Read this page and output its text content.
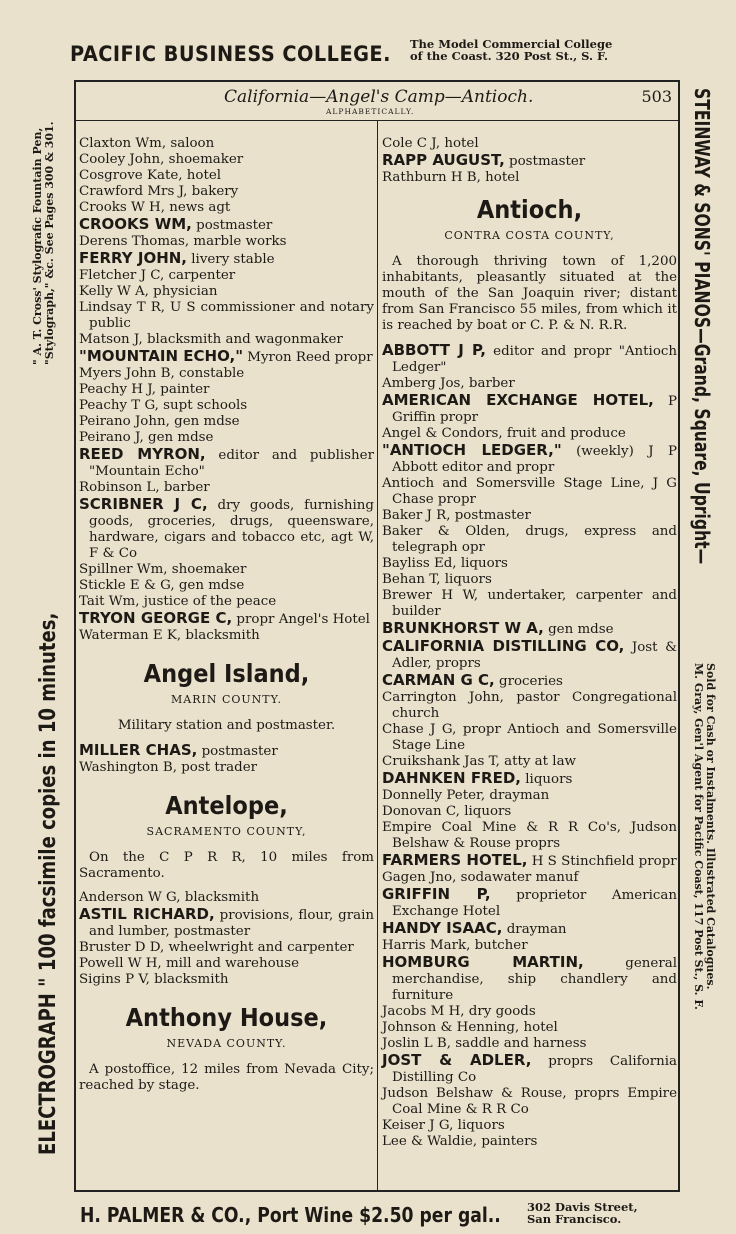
PACIFIC BUSINESS COLLEGE. The Model Commercial College
of the Coast. 320 Post St., S. F.
ELECTROGRAPH " 100 facsimile copies in 10 minutes,
" A. T. Cross' Stylografic Fountain Pen, "Stylograph," &c. See Pages 300 & 301.	STEINWAY & SONS' PIANOS—Grand, Square, Upright—
Sold for Cash or Instalments. Illustrated Catalogues.
M. Gray, Gen'l Agent for Pacific Coast, 117 Post St., S. F.
California—Angel's Camp—Antioch.	503
ALPHABETICALLY.
Claxton Wm, saloon
Cooley John, shoemaker
Cosgrove Kate, hotel
Crawford Mrs J, bakery
Crooks W H, news agt
CROOKS WM, postmaster
Derens Thomas, marble works
FERRY JOHN, livery stable
Fletcher J C, carpenter
Kelly W A, physician
Lindsay T R, U S commissioner and notary public
Matson J, blacksmith and wagonmaker
"MOUNTAIN ECHO," Myron Reed propr
Myers John B, constable
Peachy H J, painter
Peachy T G, supt schools
Peirano John, gen mdse
Peirano J, gen mdse
REED MYRON, editor and publisher "Mountain Echo"
Robinson L, barber
SCRIBNER J C, dry goods, furnishing goods, groceries, drugs, queensware, hardware, cigars and tobacco etc, agt W, F & Co
Spillner Wm, shoemaker
Stickle E & G, gen mdse
Tait Wm, justice of the peace
TRYON GEORGE C, propr Angel's Hotel
Waterman E K, blacksmith
Angel Island,
MARIN COUNTY.
Military station and postmaster.
MILLER CHAS, postmaster
Washington B, post trader
Antelope,
SACRAMENTO COUNTY,
On the C P R R, 10 miles from Sacramento.
Anderson W G, blacksmith
ASTIL RICHARD, provisions, flour, grain and lumber, postmaster
Bruster D D, wheelwright and carpenter
Powell W H, mill and warehouse
Sigins P V, blacksmith
Anthony House,
NEVADA COUNTY.
A postoffice, 12 miles from Nevada City; reached by stage.
Cole C J, hotel
RAPP AUGUST, postmaster
Rathburn H B, hotel
Antioch,
CONTRA COSTA COUNTY,
A thorough thriving town of 1,200 inhabitants, pleasantly situated at the mouth of the San Joaquin river; distant from San Francisco 55 miles, from which it is reached by boat or C. P. & N. R.R.
ABBOTT J P, editor and propr "Antioch Ledger"
Amberg Jos, barber
AMERICAN EXCHANGE HOTEL, P Griffin propr
Angel & Condors, fruit and produce
"ANTIOCH LEDGER," (weekly) J P Abbott editor and propr
Antioch and Somersville Stage Line, J G Chase propr
Baker J R, postmaster
Baker & Olden, drugs, express and telegraph opr
Bayliss Ed, liquors
Behan T, liquors
Brewer H W, undertaker, carpenter and builder
BRUNKHORST W A, gen mdse
CALIFORNIA DISTILLING CO, Jost & Adler, proprs
CARMAN G C, groceries
Carrington John, pastor Congregational church
Chase J G, propr Antioch and Somersville Stage Line
Cruikshank Jas T, atty at law
DAHNKEN FRED, liquors
Donnelly Peter, drayman
Donovan C, liquors
Empire Coal Mine & R R Co's, Judson Belshaw & Rouse proprs
FARMERS HOTEL, H S Stinchfield propr
Gagen Jno, sodawater manuf
GRIFFIN P, proprietor American Exchange Hotel
HANDY ISAAC, drayman
Harris Mark, butcher
HOMBURG MARTIN, general merchandise, ship chandlery and furniture
Jacobs M H, dry goods
Johnson & Henning, hotel
Joslin L B, saddle and harness
JOST & ADLER, proprs California Distilling Co
Judson Belshaw & Rouse, proprs Empire Coal Mine & R R Co
Keiser J G, liquors
Lee & Waldie, painters
H. PALMER & CO., Port Wine $2.50 per gal.. 302 Davis Street,
San Francisco.
